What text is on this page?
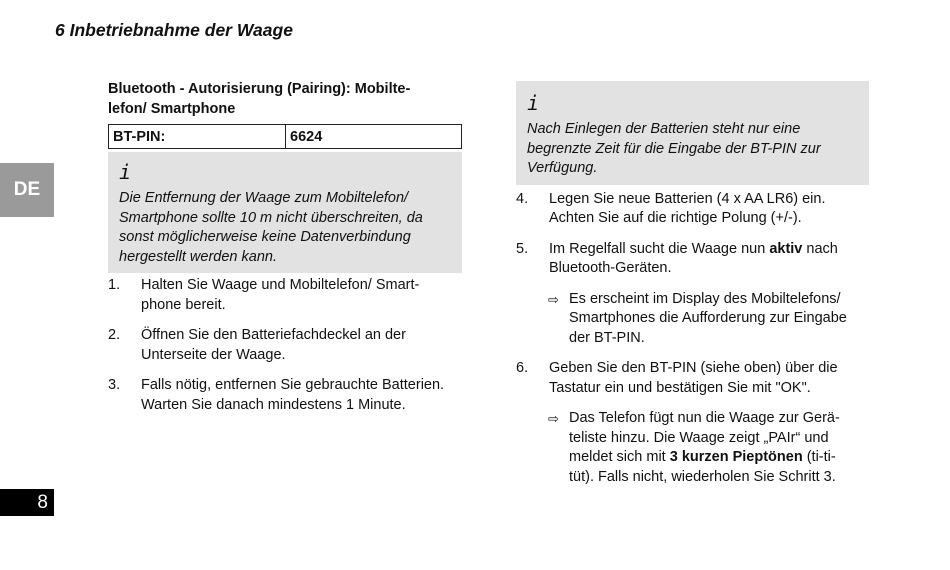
6 Inbetriebnahme der Waage
DE
8
Bluetooth - Autorisierung (Pairing): Mobilte-
lefon/ Smartphone
BT-PIN:	6624
i
Die Entfernung der Waage zum Mobiltelefon/
Smartphone sollte 10 m nicht überschreiten, da
sonst möglicherweise keine Datenverbindung
hergestellt werden kann.
1. Halten Sie Waage und Mobiltelefon/ Smart-
phone bereit.
2. Öffnen Sie den Batteriefachdeckel an der
Unterseite der Waage.
3. Falls nötig, entfernen Sie gebrauchte Batterien.
Warten Sie danach mindestens 1 Minute.
i
Nach Einlegen der Batterien steht nur eine
begrenzte Zeit für die Eingabe der BT-PIN zur
Verfügung.
4. Legen Sie neue Batterien (4 x AA LR6) ein.
Achten Sie auf die richtige Polung (+/-).
5. Im Regelfall sucht die Waage nun aktiv nach
Bluetooth-Geräten.
⇨ Es erscheint im Display des Mobiltelefons/
Smartphones die Aufforderung zur Eingabe
der BT-PIN.
6. Geben Sie den BT-PIN (siehe oben) über die
Tastatur ein und bestätigen Sie mit "OK".
⇨ Das Telefon fügt nun die Waage zur Gerä-
teliste hinzu. Die Waage zeigt „PAIr“ und
meldet sich mit 3 kurzen Pieptönen (ti-ti-
tüt). Falls nicht, wiederholen Sie Schritt 3.
